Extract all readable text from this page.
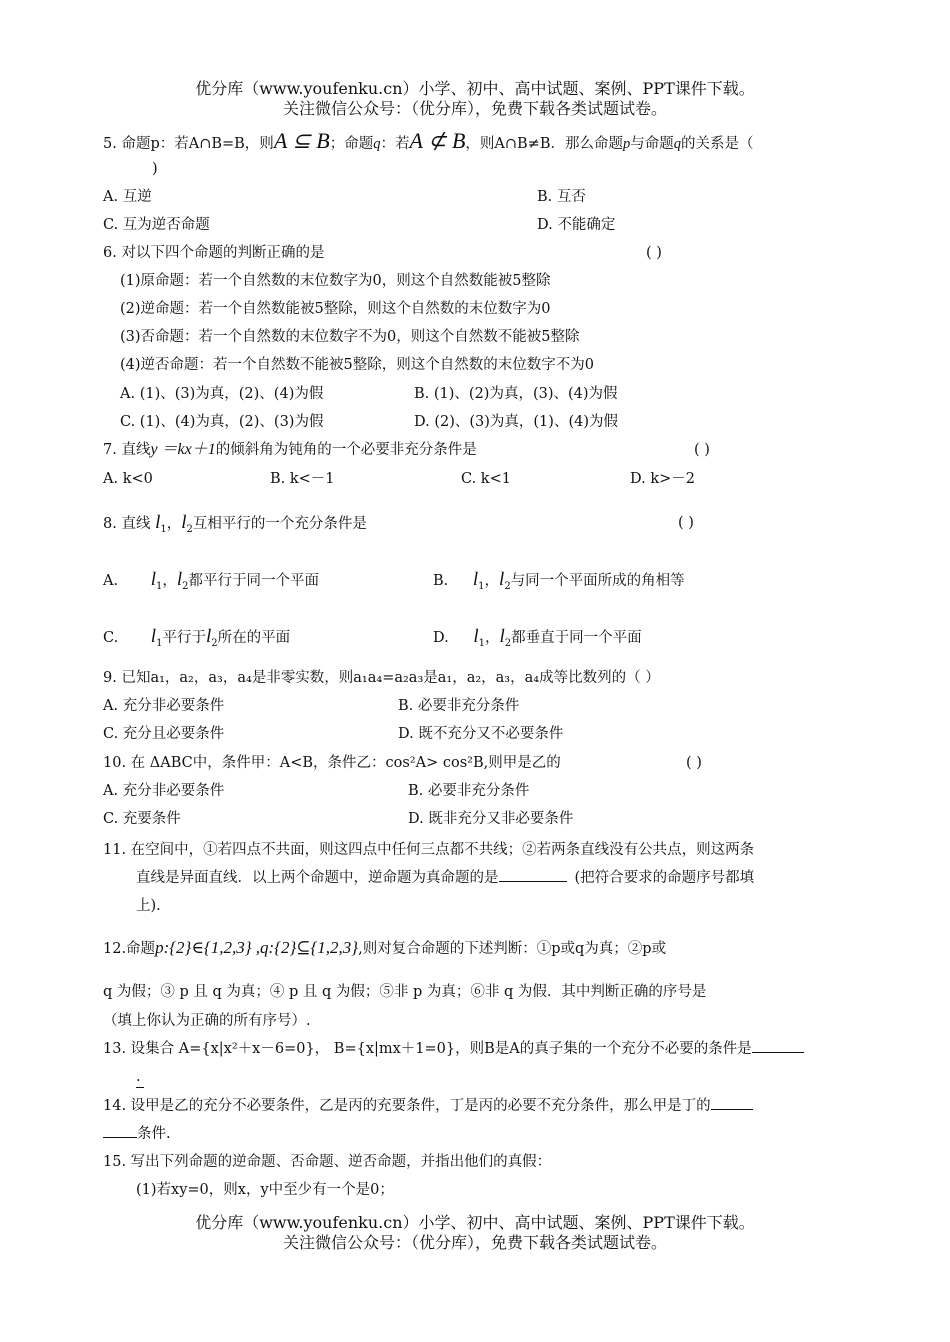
优分库（www.youfenku.cn）小学、初中、高中试题、案例、PPT课件下载。
关注微信公众号：（优分库），免费下载各类试题试卷。
5. 命题p：若A∩B=B，则A ⊆ B；命题q：若A ⊄ B，则A∩B≠B．那么命题p与命题q的关系是（
)
A. 互逆	B. 互否
C. 互为逆否命题	D. 不能确定
6. 对以下四个命题的判断正确的是	( )
(1)原命题：若一个自然数的末位数字为0，则这个自然数能被5整除
(2)逆命题：若一个自然数能被5整除，则这个自然数的末位数字为0
(3)否命题：若一个自然数的末位数字不为0，则这个自然数不能被5整除
(4)逆否命题：若一个自然数不能被5整除，则这个自然数的末位数字不为0
A. (1)、(3)为真，(2)、(4)为假	B. (1)、(2)为真，(3)、(4)为假
C. (1)、(4)为真，(2)、(3)为假	D. (2)、(3)为真，(1)、(4)为假
7. 直线y ＝kx＋1的倾斜角为钝角的一个必要非充分条件是	( )
A. k<0	B. k<－1	C. k<1	D. k>－2
8. 直线 $l_1$，$l_2$互相平行的一个充分条件是	( )
A. $l_1$，$l_2$都平行于同一个平面	B. $l_1$，$l_2$与同一个平面所成的角相等
C. $l_1$平行于$l_2$所在的平面	D. $l_1$，$l_2$都垂直于同一个平面
9. 已知a₁，a₂，a₃，a₄是非零实数，则a₁a₄=a₂a₃是a₁，a₂，a₃，a₄成等比数列的（ ）
A. 充分非必要条件	B. 必要非充分条件
C. 充分且必要条件	D. 既不充分又不必要条件
10. 在 ΔABC中，条件甲：A<B，条件乙：cos²A> cos²B,则甲是乙的	( )
A. 充分非必要条件	B. 必要非充分条件
C. 充要条件	D. 既非充分又非必要条件
11. 在空间中，①若四点不共面，则这四点中任何三点都不共线；②若两条直线没有公共点，则这两条
直线是异面直线．以上两个命题中，逆命题为真命题的是	(把符合要求的命题序号都填
上).
12.命题p:{2}∈{1,2,3} ,q:{2}⊆{1,2,3},则对复合命题的下述判断：①p或q为真；②p或
q 为假；③ p 且 q 为真；④ p 且 q 为假；⑤非 p 为真；⑥非 q 为假．其中判断正确的序号是
（填上你认为正确的所有序号）.
13. 设集合 A={x|x²＋x－6=0}， B={x|mx＋1=0}，则B是A的真子集的一个充分不必要的条件是
.
14. 设甲是乙的充分不必要条件，乙是丙的充要条件，丁是丙的必要不充分条件，那么甲是丁的
条件.
15. 写出下列命题的逆命题、否命题、逆否命题，并指出他们的真假：
(1)若xy=0，则x，y中至少有一个是0；
优分库（www.youfenku.cn）小学、初中、高中试题、案例、PPT课件下载。
关注微信公众号：（优分库），免费下载各类试题试卷。
